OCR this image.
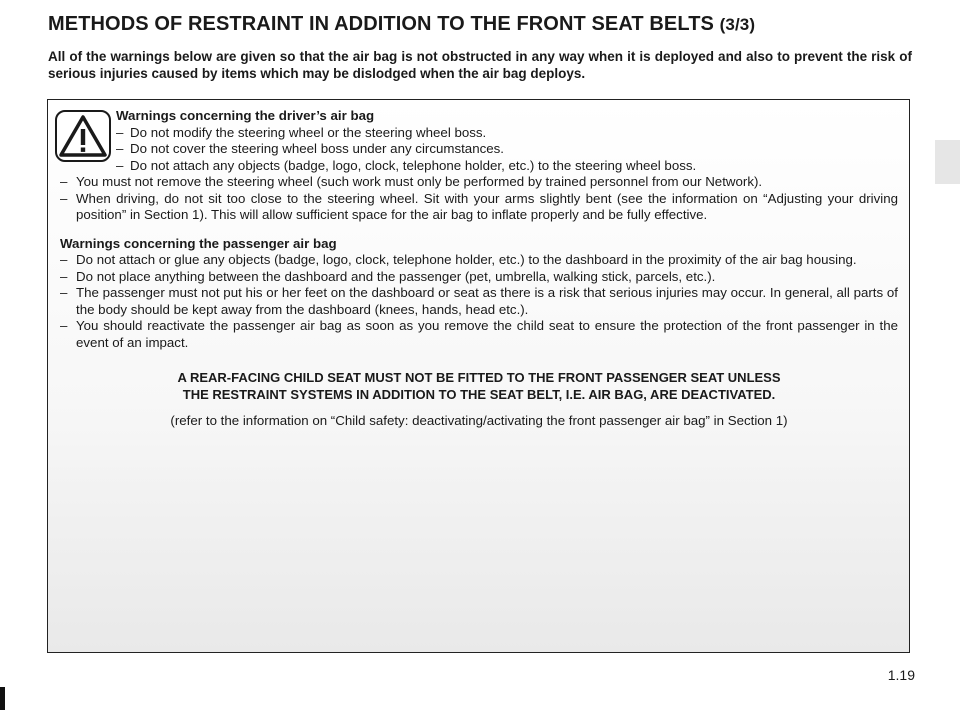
METHODS OF RESTRAINT IN ADDITION TO THE FRONT SEAT BELTS (3/3)

All of the warnings below are given so that the air bag is not obstructed in any way when it is deployed and also to prevent the risk of serious injuries caused by items which may be dislodged when the air bag deploys.

Warnings concerning the driver’s air bag
– Do not modify the steering wheel or the steering wheel boss.
– Do not cover the steering wheel boss under any circumstances.
– Do not attach any objects (badge, logo, clock, telephone holder, etc.) to the steering wheel boss.
– You must not remove the steering wheel (such work must only be performed by trained personnel from our Network).
– When driving, do not sit too close to the steering wheel. Sit with your arms slightly bent (see the information on “Adjusting your driving position” in Section 1). This will allow sufficient space for the air bag to inflate properly and be fully effective.
Warnings concerning the passenger air bag
– Do not attach or glue any objects (badge, logo, clock, telephone holder, etc.) to the dashboard in the proximity of the air bag housing.
– Do not place anything between the dashboard and the passenger (pet, umbrella, walking stick, parcels, etc.).
– The passenger must not put his or her feet on the dashboard or seat as there is a risk that serious injuries may occur. In general, all parts of the body should be kept away from the dashboard (knees, hands, head etc.).
– You should reactivate the passenger air bag as soon as you remove the child seat to ensure the protection of the front passenger in the event of an impact.
A REAR-FACING CHILD SEAT MUST NOT BE FITTED TO THE FRONT PASSENGER SEAT UNLESS
THE RESTRAINT SYSTEMS IN ADDITION TO THE SEAT BELT, I.E. AIR BAG, ARE DEACTIVATED.
(refer to the information on “Child safety: deactivating/activating the front passenger air bag” in Section 1)
1.19
